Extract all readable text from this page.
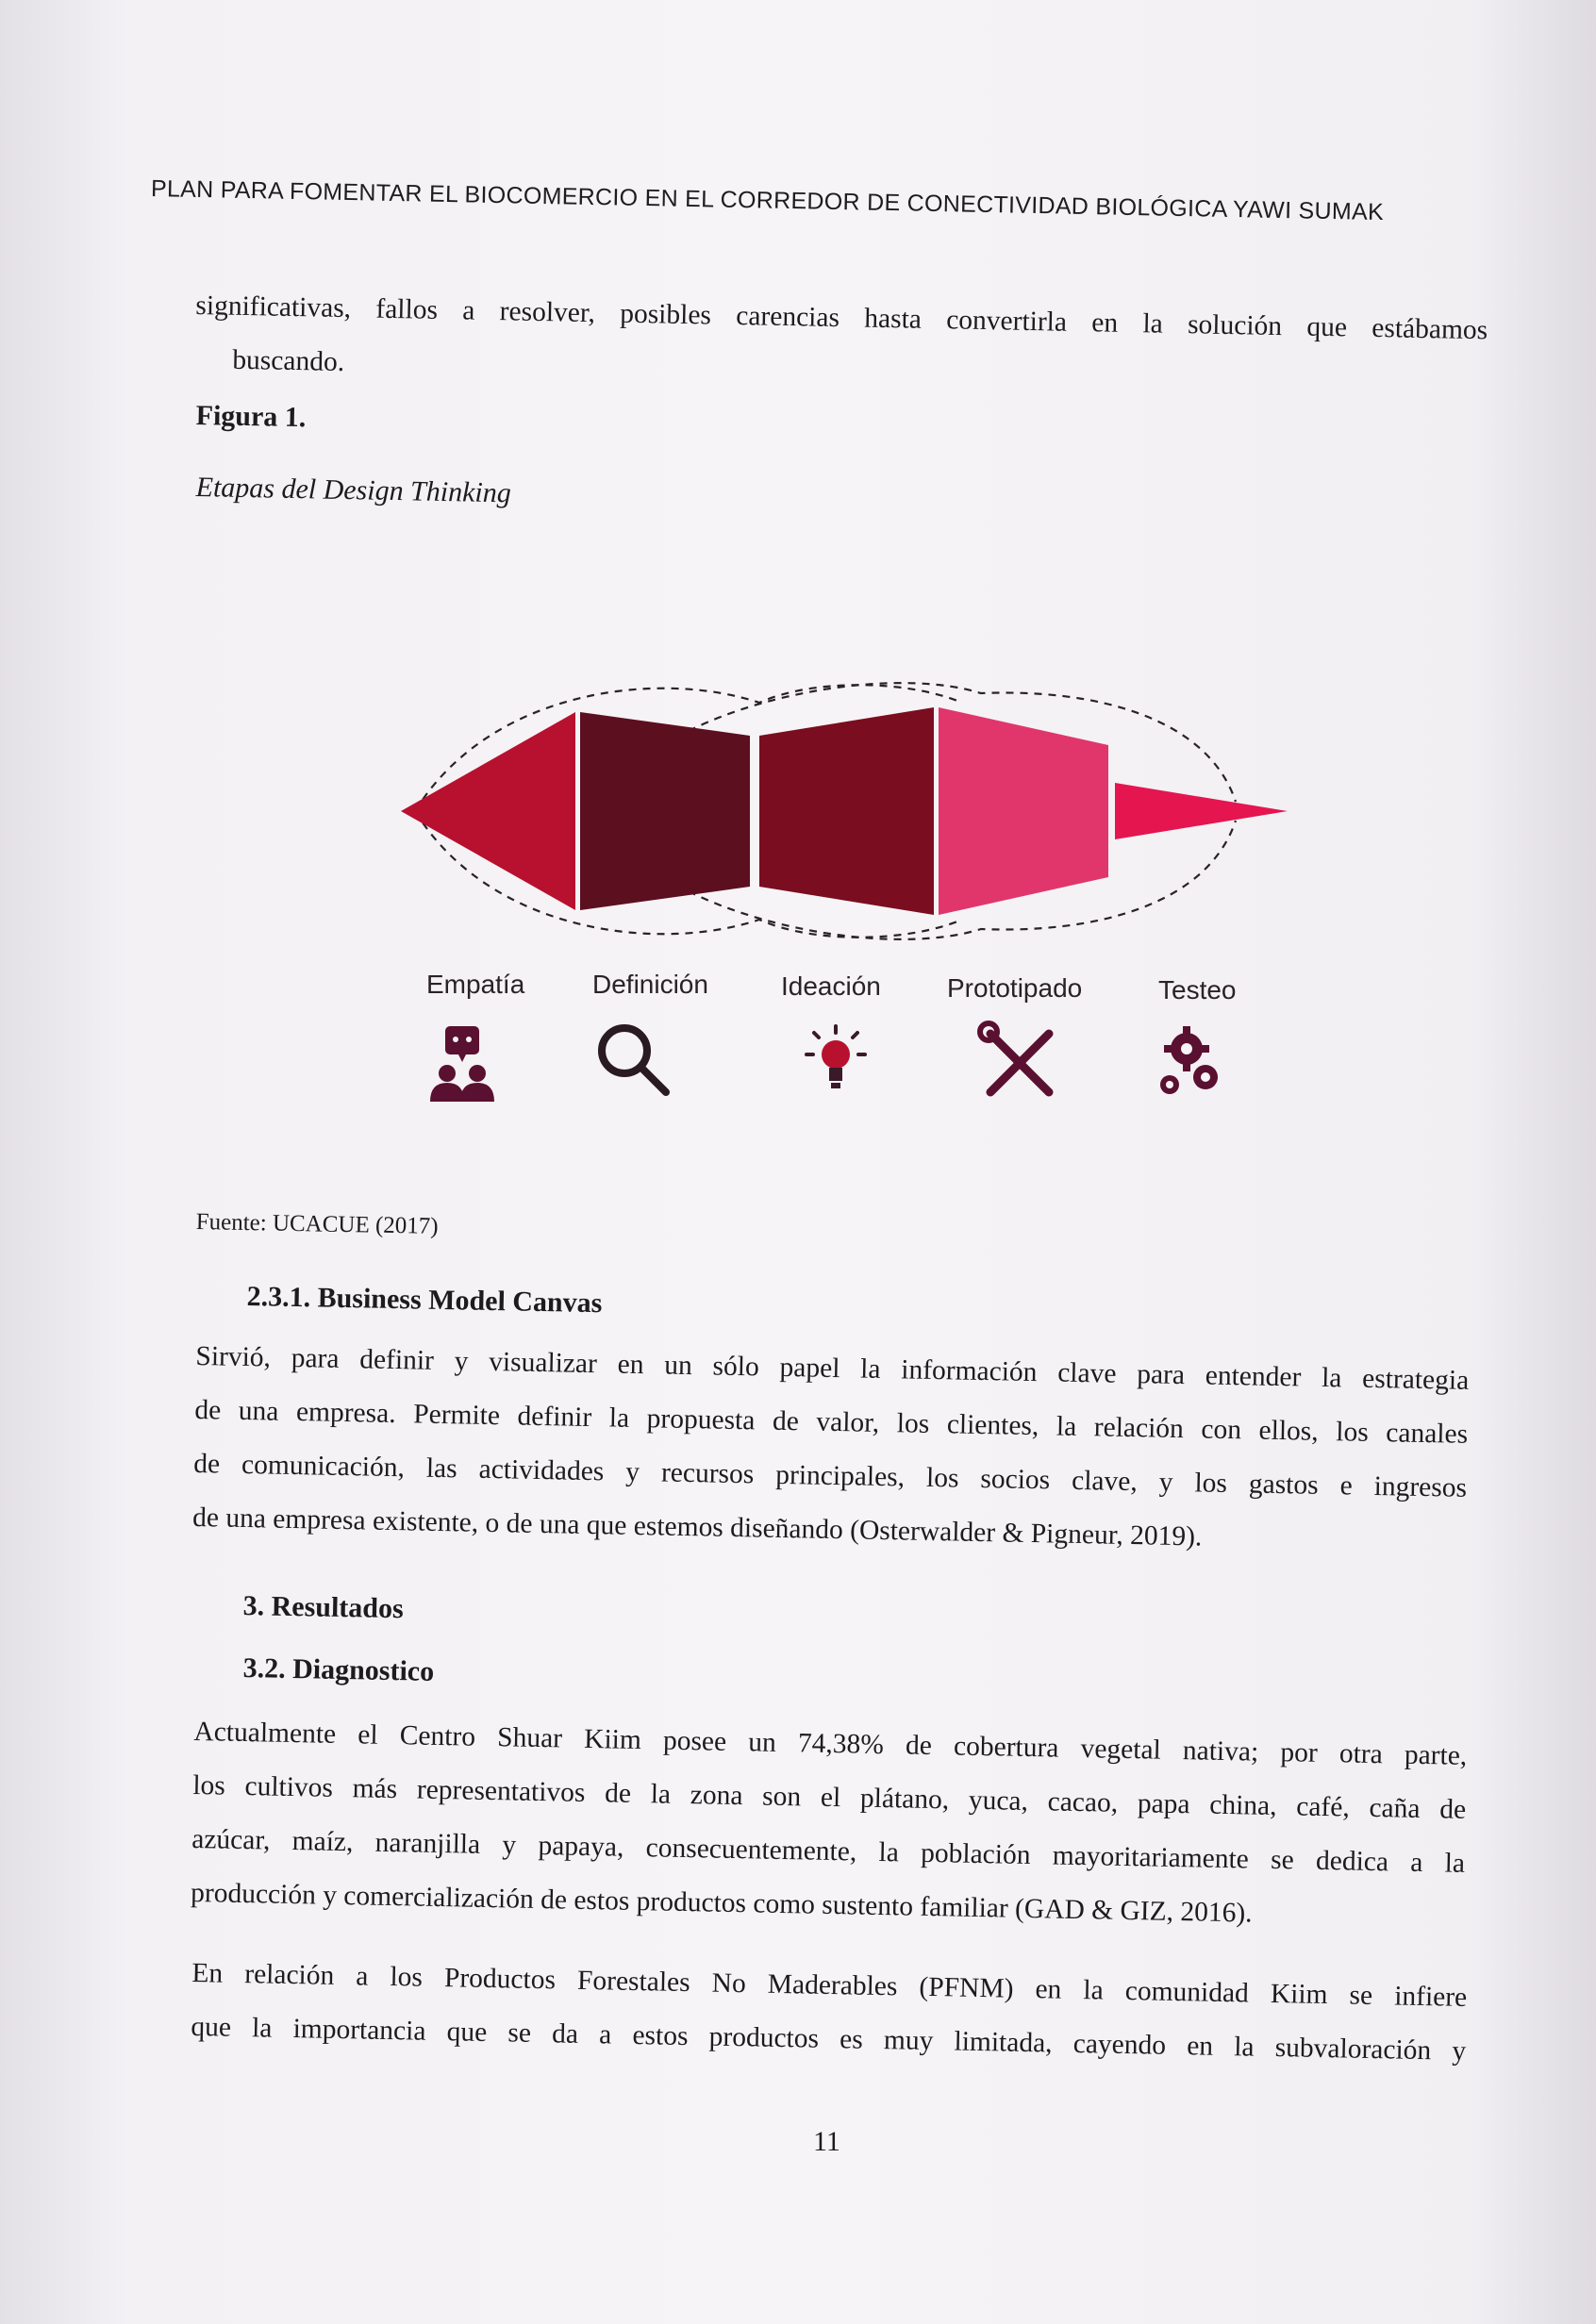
PLAN PARA FOMENTAR EL BIOCOMERCIO EN EL CORREDOR DE CONECTIVIDAD BIOLÓGICA YAWI SUMAK
significativas, fallos a resolver, posibles carencias hasta convertirla en la solución que estábamos
buscando.
Figura 1.
Etapas del Design Thinking
Empatía	Definición	Ideación	Prototipado	Testeo
Fuente: UCACUE (2017)
2.3.1. Business Model Canvas
Sirvió, para definir y visualizar en un sólo papel la información clave para entender la estrategia
de una empresa. Permite definir la propuesta de valor, los clientes, la relación con ellos, los canales
de comunicación, las actividades y recursos principales, los socios clave, y los gastos e ingresos
de una empresa existente, o de una que estemos diseñando (Osterwalder & Pigneur, 2019).
3. Resultados
3.2. Diagnostico
Actualmente el Centro Shuar Kiim posee un 74,38% de cobertura vegetal nativa; por otra parte,
los cultivos más representativos de la zona son el plátano, yuca, cacao, papa china, café, caña de
azúcar, maíz, naranjilla y papaya, consecuentemente, la población mayoritariamente se dedica a la
producción y comercialización de estos productos como sustento familiar (GAD & GIZ, 2016).
En relación a los Productos Forestales No Maderables (PFNM) en la comunidad Kiim se infiere
que la importancia que se da a estos productos es muy limitada, cayendo en la subvaloración y
11
